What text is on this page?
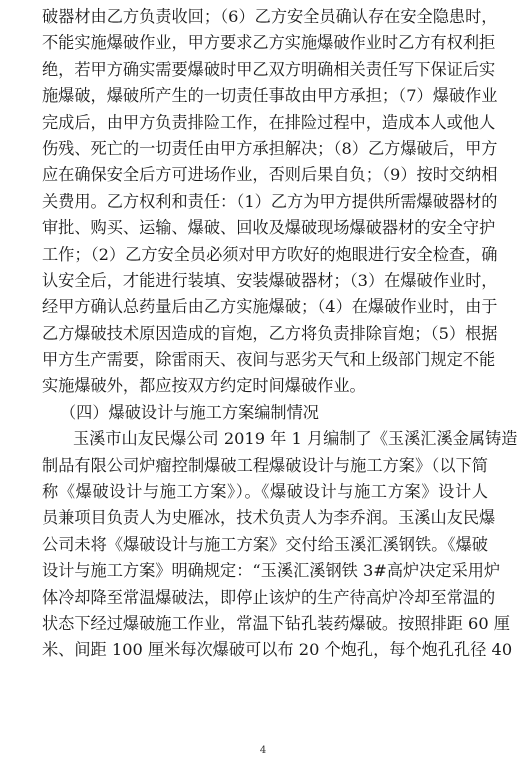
破器材由乙方负责收回；（6）乙方安全员确认存在安全隐患时，
不能实施爆破作业，甲方要求乙方实施爆破作业时乙方有权利拒
绝，若甲方确实需要爆破时甲乙双方明确相关责任写下保证后实
施爆破，爆破所产生的一切责任事故由甲方承担；（7）爆破作业
完成后，由甲方负责排险工作，在排险过程中，造成本人或他人
伤残、死亡的一切责任由甲方承担解决；（8）乙方爆破后，甲方
应在确保安全后方可进场作业，否则后果自负；（9）按时交纳相
关费用。乙方权利和责任：（1）乙方为甲方提供所需爆破器材的
审批、购买、运输、爆破、回收及爆破现场爆破器材的安全守护
工作；（2）乙方安全员必须对甲方吹好的炮眼进行安全检查，确
认安全后，才能进行装填、安装爆破器材；（3）在爆破作业时，
经甲方确认总药量后由乙方实施爆破；（4）在爆破作业时，由于
乙方爆破技术原因造成的盲炮，乙方将负责排除盲炮；（5）根据
甲方生产需要，除雷雨天、夜间与恶劣天气和上级部门规定不能
实施爆破外，都应按双方约定时间爆破作业。
（四）爆破设计与施工方案编制情况
玉溪市山友民爆公司 2019 年 1 月编制了《玉溪汇溪金属铸造
制品有限公司炉瘤控制爆破工程爆破设计与施工方案》（以下简
称《爆破设计与施工方案》）。《爆破设计与施工方案》设计人
员兼项目负责人为史雁冰，技术负责人为李乔润。玉溪山友民爆
公司未将《爆破设计与施工方案》交付给玉溪汇溪钢铁。《爆破
设计与施工方案》明确规定：“玉溪汇溪钢铁 3#高炉决定采用炉
体冷却降至常温爆破法，即停止该炉的生产待高炉冷却至常温的
状态下经过爆破施工作业，常温下钻孔装药爆破。按照排距 60 厘
米、间距 100 厘米每次爆破可以布 20 个炮孔，每个炮孔孔径 40
4
